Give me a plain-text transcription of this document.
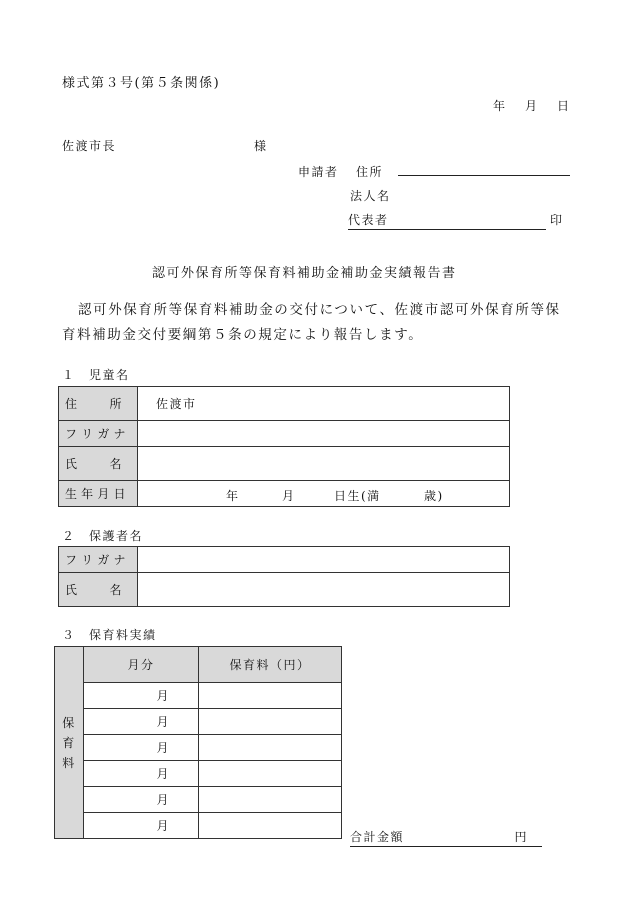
様式第３号(第５条関係)
年 月 日
佐渡市長	様
申請者 住所
法人名
代表者	印
認可外保育所等保育料補助金補助金実績報告書
認可外保育所等保育料補助金の交付について、佐渡市認可外保育所等保
育料補助金交付要綱第５条の規定により報告します。
１　児童名
住 所	佐渡市

フ リ ガ ナ	

氏 名	

生 年 月 日	年 月 日生(満 歳)
２　保護者名
フ リ ガ ナ	

氏 名	

３　保育料実績
保
育
料	月分	保育料（円）
	月	
	月	
	月	
	月	
	月	
	月	
合計金額	円
